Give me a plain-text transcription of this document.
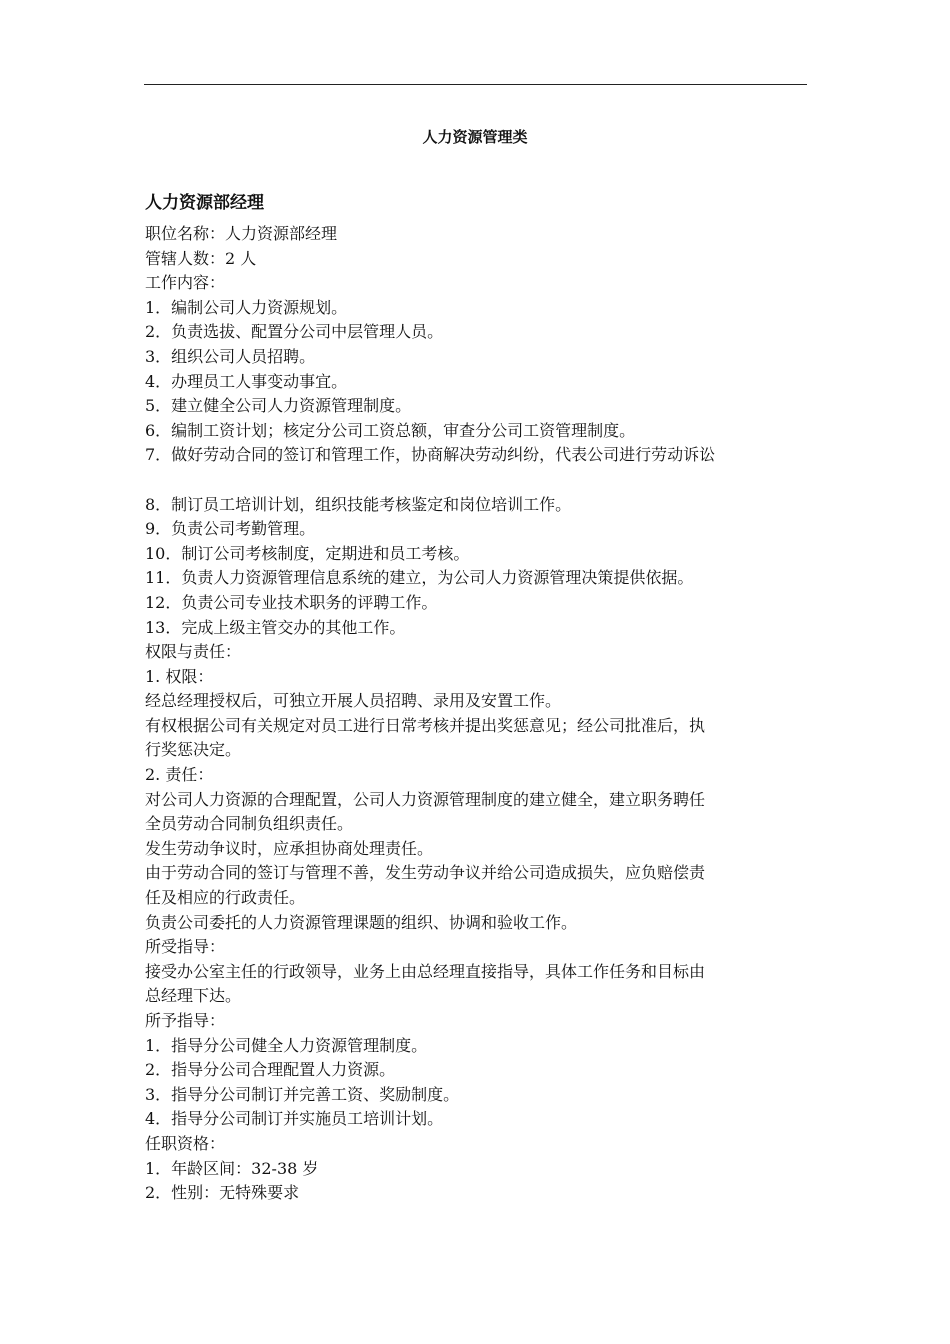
人力资源管理类
人力资源部经理
职位名称：人力资源部经理
管辖人数：2 人
工作内容：
1．编制公司人力资源规划。
2．负责选拔、配置分公司中层管理人员。
3．组织公司人员招聘。
4．办理员工人事变动事宜。
5．建立健全公司人力资源管理制度。
6．编制工资计划；核定分公司工资总额，审查分公司工资管理制度。
7．做好劳动合同的签订和管理工作，协商解决劳动纠纷，代表公司进行劳动诉讼
8．制订员工培训计划，组织技能考核鉴定和岗位培训工作。
9．负责公司考勤管理。
10．制订公司考核制度，定期进和员工考核。
11．负责人力资源管理信息系统的建立，为公司人力资源管理决策提供依据。
12．负责公司专业技术职务的评聘工作。
13．完成上级主管交办的其他工作。
权限与责任：
1. 权限：
经总经理授权后，可独立开展人员招聘、录用及安置工作。
有权根据公司有关规定对员工进行日常考核并提出奖惩意见；经公司批准后，执
行奖惩决定。
2. 责任：
对公司人力资源的合理配置，公司人力资源管理制度的建立健全，建立职务聘任
全员劳动合同制负组织责任。
发生劳动争议时，应承担协商处理责任。
由于劳动合同的签订与管理不善，发生劳动争议并给公司造成损失，应负赔偿责
任及相应的行政责任。
负责公司委托的人力资源管理课题的组织、协调和验收工作。
所受指导：
接受办公室主任的行政领导，业务上由总经理直接指导，具体工作任务和目标由
总经理下达。
所予指导：
1．指导分公司健全人力资源管理制度。
2．指导分公司合理配置人力资源。
3．指导分公司制订并完善工资、奖励制度。
4．指导分公司制订并实施员工培训计划。
任职资格：
1．年龄区间：32-38 岁
2．性别：无特殊要求
